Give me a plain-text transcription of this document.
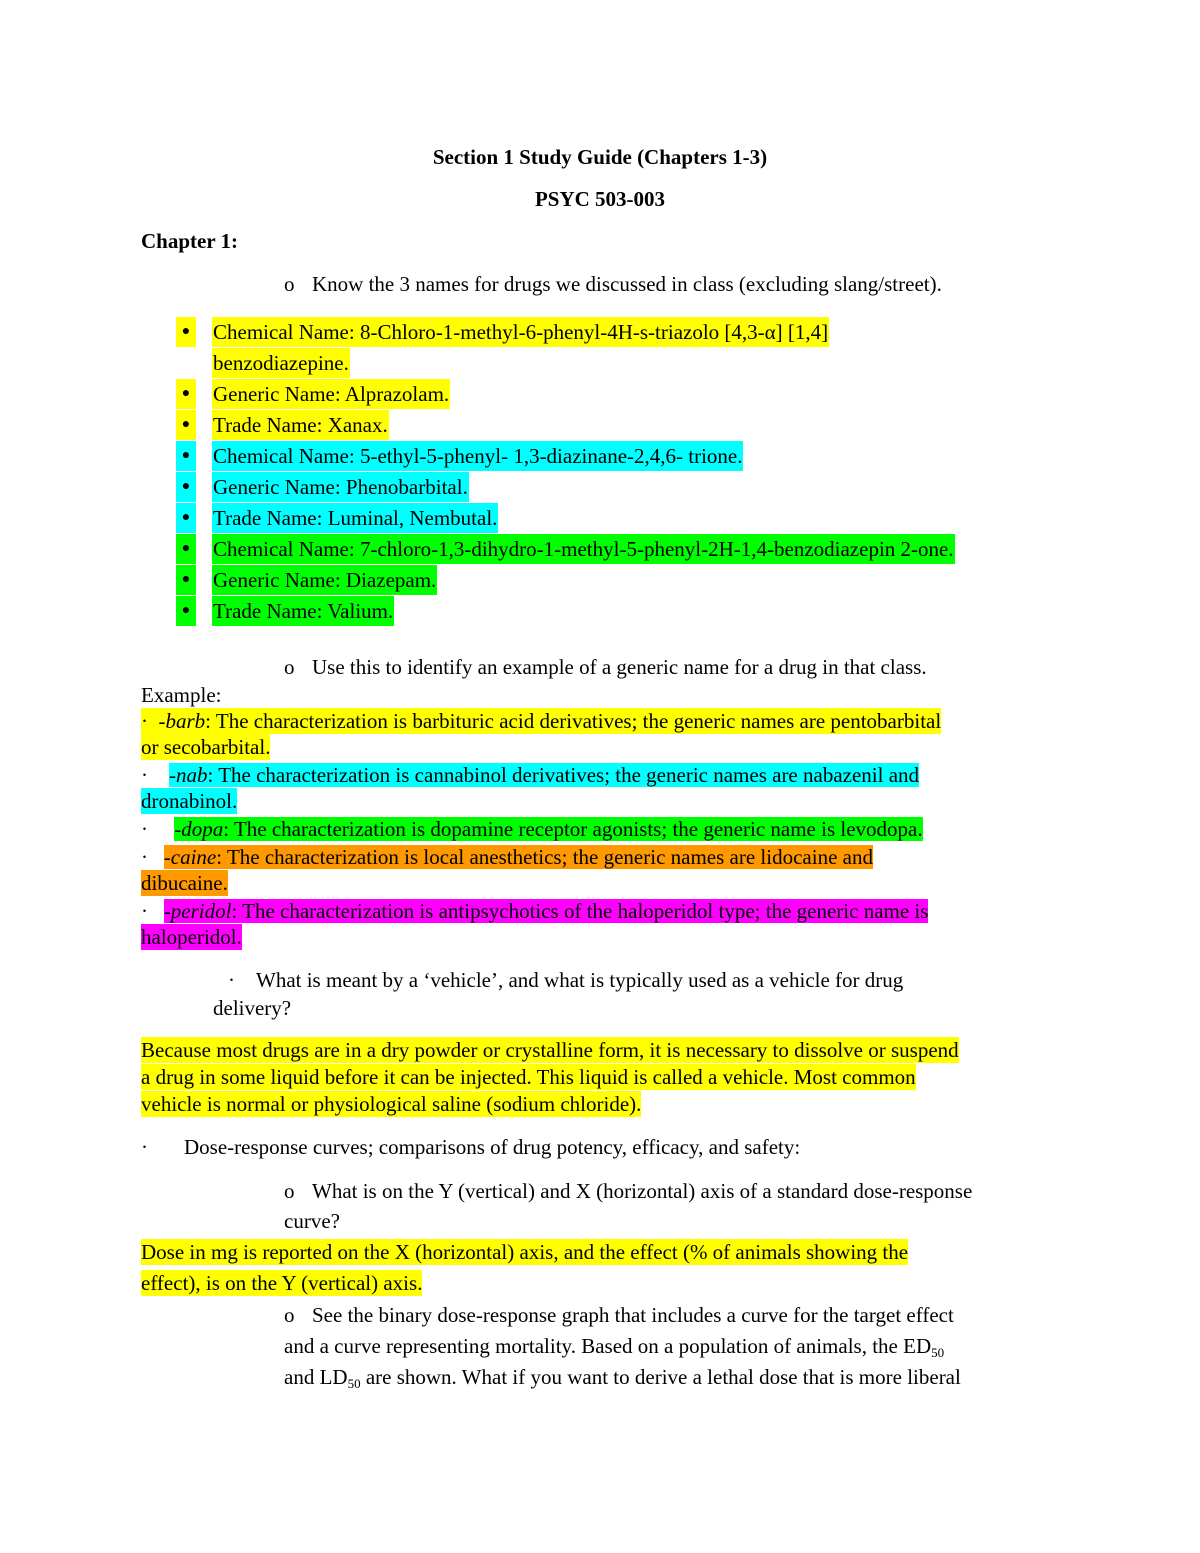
Section 1 Study Guide (Chapters 1-3)
PSYC 503-003
Chapter 1:
o Know the 3 names for drugs we discussed in class (excluding slang/street).
● Chemical Name: 8-Chloro-1-methyl-6-phenyl-4H-s-triazolo [4,3-α] [1,4]
benzodiazepine.
● Generic Name: Alprazolam.
● Trade Name: Xanax.
● Chemical Name: 5-ethyl-5-phenyl- 1,3-diazinane-2,4,6- trione.
● Generic Name: Phenobarbital.
● Trade Name: Luminal, Nembutal.
● Chemical Name: 7-chloro-1,3-dihydro-1-methyl-5-phenyl-2H-1,4-benzodiazepin 2-one.
● Generic Name: Diazepam.
● Trade Name: Valium.
o Use this to identify an example of a generic name for a drug in that class.
Example:
· -barb: The characterization is barbituric acid derivatives; the generic names are pentobarbital
or secobarbital.
· -nab: The characterization is cannabinol derivatives; the generic names are nabazenil and
dronabinol.
· -dopa: The characterization is dopamine receptor agonists; the generic name is levodopa.
· -caine: The characterization is local anesthetics; the generic names are lidocaine and
dibucaine.
· -peridol: The characterization is antipsychotics of the haloperidol type; the generic name is
haloperidol.
· What is meant by a ‘vehicle’, and what is typically used as a vehicle for drug
delivery?
Because most drugs are in a dry powder or crystalline form, it is necessary to dissolve or suspend
a drug in some liquid before it can be injected. This liquid is called a vehicle. Most common
vehicle is normal or physiological saline (sodium chloride).
· Dose-response curves; comparisons of drug potency, efficacy, and safety:
o What is on the Y (vertical) and X (horizontal) axis of a standard dose-response
curve?
Dose in mg is reported on the X (horizontal) axis, and the effect (% of animals showing the
effect), is on the Y (vertical) axis.
o See the binary dose-response graph that includes a curve for the target effect
and a curve representing mortality. Based on a population of animals, the $ED_{50}$
and $LD_{50}$ are shown. What if you want to derive a lethal dose that is more liberal
